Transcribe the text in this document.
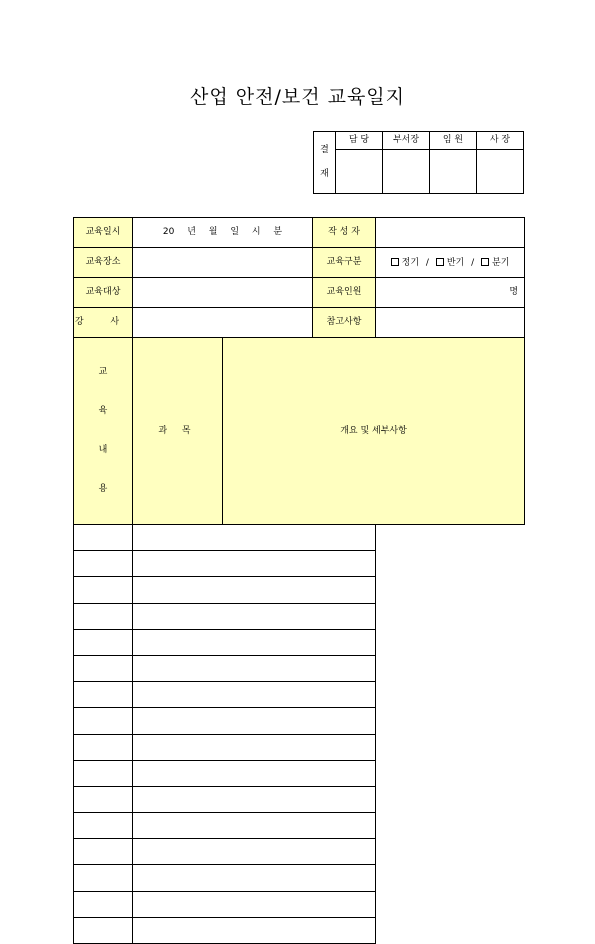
산업 안전/보건 교육일지
결
재	담 당	부서장	임 원	사 장

교육일시	20 년 월 일 시 분		작 성 자	
교육장소			교육구분	정기 / 반기 / 분기
교육대상			교육인원	명
강 사			참고사항	

교
육
내
용	과 목	개요 및 세부사항		
